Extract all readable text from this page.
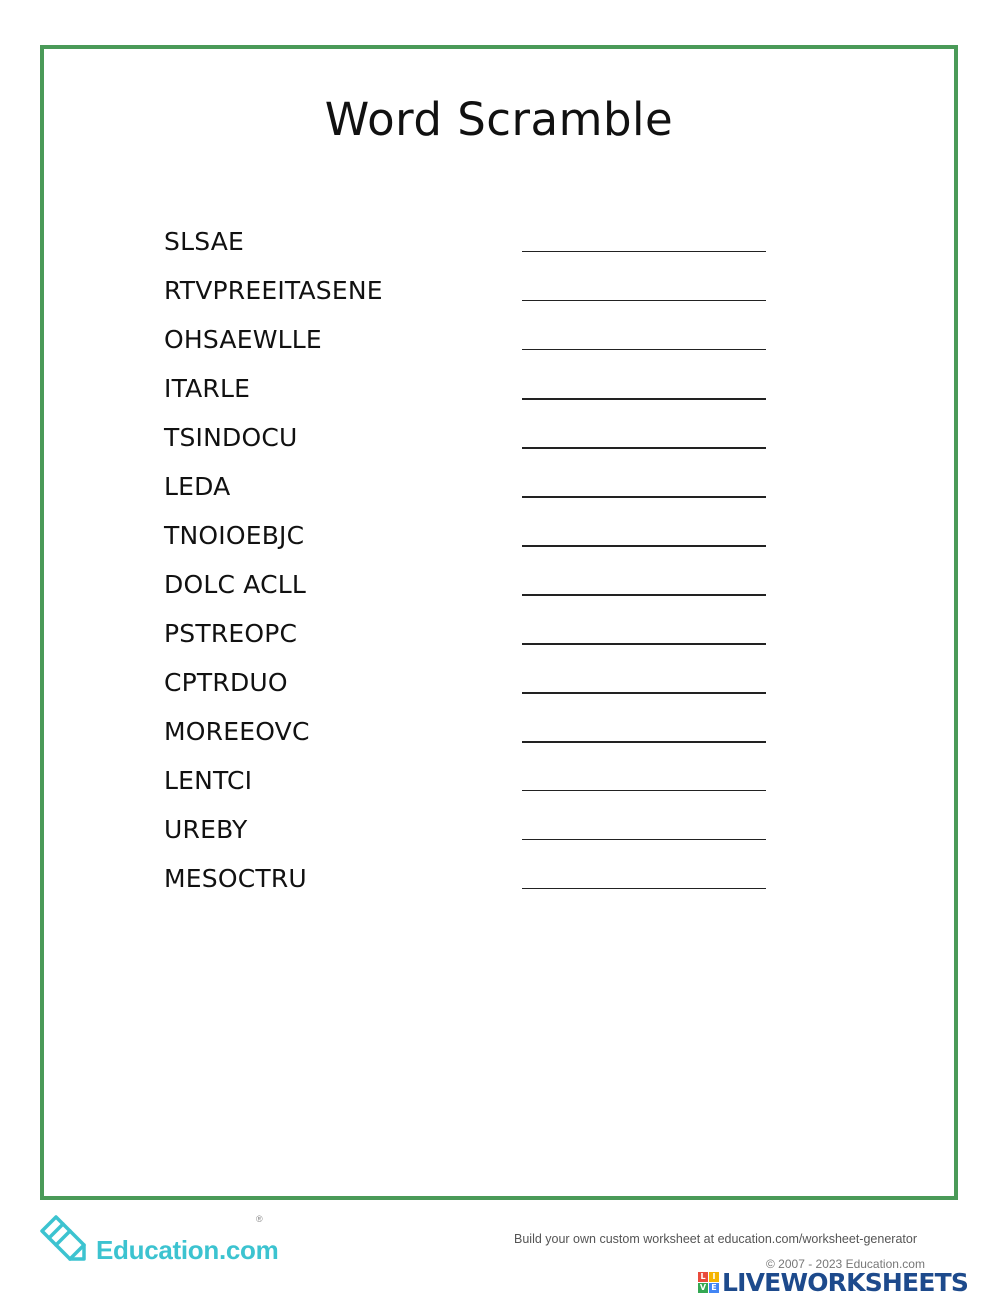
Word Scramble
SLSAE
RTVPREEITASENE
OHSAEWLLE
ITARLE
TSINDOCU
LEDA
TNOIOEBJC
DOLC ACLL
PSTREOPC
CPTRDUO
MOREEOVC
LENTCI
UREBY
MESOCTRU
Education.com
®
Build your own custom worksheet at education.com/worksheet-generator
© 2007 - 2023 Education.com
L I
V E LIVEWORKSHEETS
